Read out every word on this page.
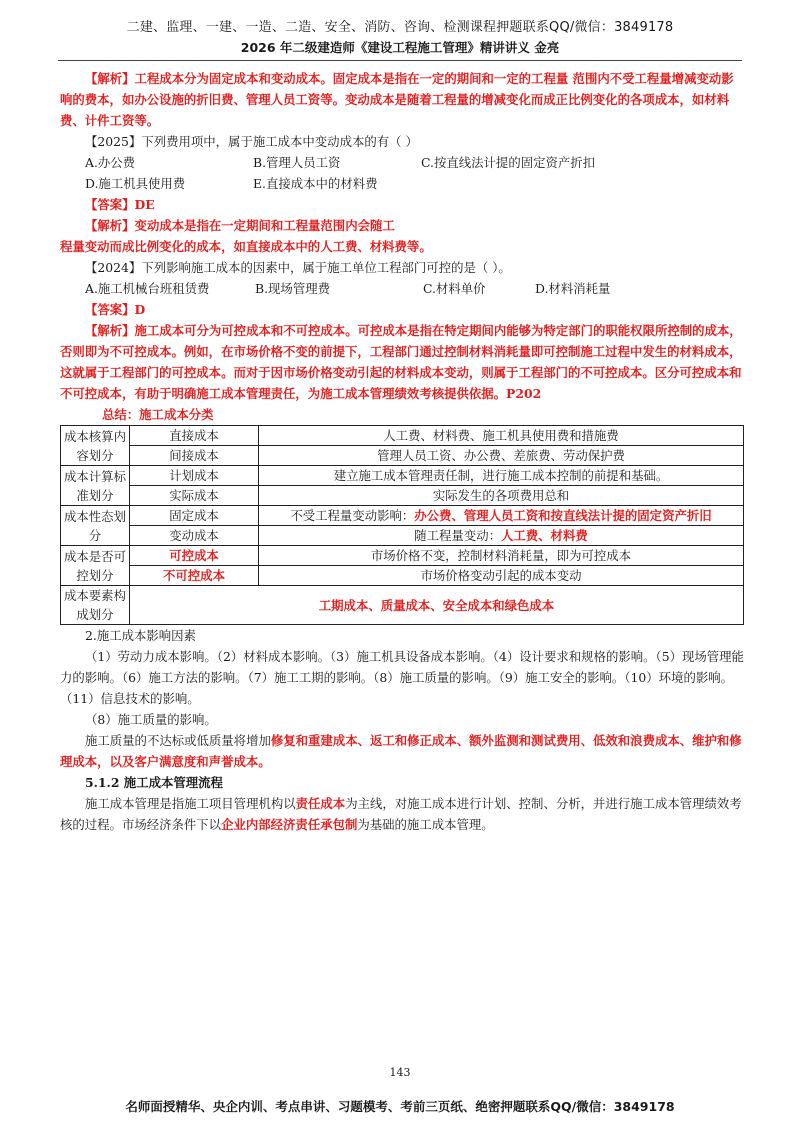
二建、监理、一建、一造、二造、安全、消防、咨询、检测课程押题联系QQ/微信：3849178
2026 年二级建造师《建设工程施工管理》精讲讲义 金亮

【解析】工程成本分为固定成本和变动成本。固定成本是指在一定的期间和一定的工程量 范围内不受工程量增减变动影响的费本，如办公设施的折旧费、管理人员工资等。变动成本是随着工程量的增减变化而成正比例变化的各项成本，如材料费、计件工资等。

【2025】下列费用项中，属于施工成本中变动成本的有（ ）

A.办公费	B.管理人员工资	C.按直线法计提的固定资产折扣
D.施工机具使用费	E.直接成本中的材料费

【答案】DE

【解析】变动成本是指在一定期间和工程量范围内会随工

程量变动而成比例变化的成本，如直接成本中的人工费、材料费等。

【2024】下列影响施工成本的因素中，属于施工单位工程部门可控的是（ ）。

A.施工机械台班租赁费	B.现场管理费	C.材料单价	D.材料消耗量

【答案】D

【解析】施工成本可分为可控成本和不可控成本。可控成本是指在特定期间内能够为特定部门的职能权限所控制的成本，否则即为不可控成本。例如，在市场价格不变的前提下，工程部门通过控制材料消耗量即可控制施工过程中发生的材料成本，这就属于工程部门的可控成本。而对于因市场价格变动引起的材料成本变动，则属于工程部门的不可控成本。区分可控成本和不可控成本，有助于明确施工成本管理责任，为施工成本管理绩效考核提供依据。P202

总结：施工成本分类

成本核算内容划分	直接成本	人工费、材料费、施工机具使用费和措施费
	间接成本	管理人员工资、办公费、差旅费、劳动保护费
成本计算标准划分	计划成本	建立施工成本管理责任制，进行施工成本控制的前提和基础。
	实际成本	实际发生的各项费用总和
成本性态划分	固定成本	不受工程量变动影响：办公费、管理人员工资和按直线法计提的固定资产折旧
	变动成本	随工程量变动：人工费、材料费
成本是否可控划分	可控成本	市场价格不变，控制材料消耗量，即为可控成本
	不可控成本	市场价格变动引起的成本变动
成本要素构成划分	工期成本、质量成本、安全成本和绿色成本	

2.施工成本影响因素

（1）劳动力成本影响。（2）材料成本影响。（3）施工机具设备成本影响。（4）设计要求和规格的影响。（5）现场管理能力的影响。（6）施工方法的影响。（7）施工工期的影响。（8）施工质量的影响。（9）施工安全的影响。（10）环境的影响。（11）信息技术的影响。

（8）施工质量的影响。

施工质量的不达标或低质量将增加修复和重建成本、返工和修正成本、额外监测和测试费用、低效和浪费成本、维护和修理成本，以及客户满意度和声誉成本。

5.1.2 施工成本管理流程

施工成本管理是指施工项目管理机构以责任成本为主线，对施工成本进行计划、控制、分析，并进行施工成本管理绩效考核的过程。市场经济条件下以企业内部经济责任承包制为基础的施工成本管理。

143
名师面授精华、央企内训、考点串讲、习题模考、考前三页纸、绝密押题联系QQ/微信：3849178
